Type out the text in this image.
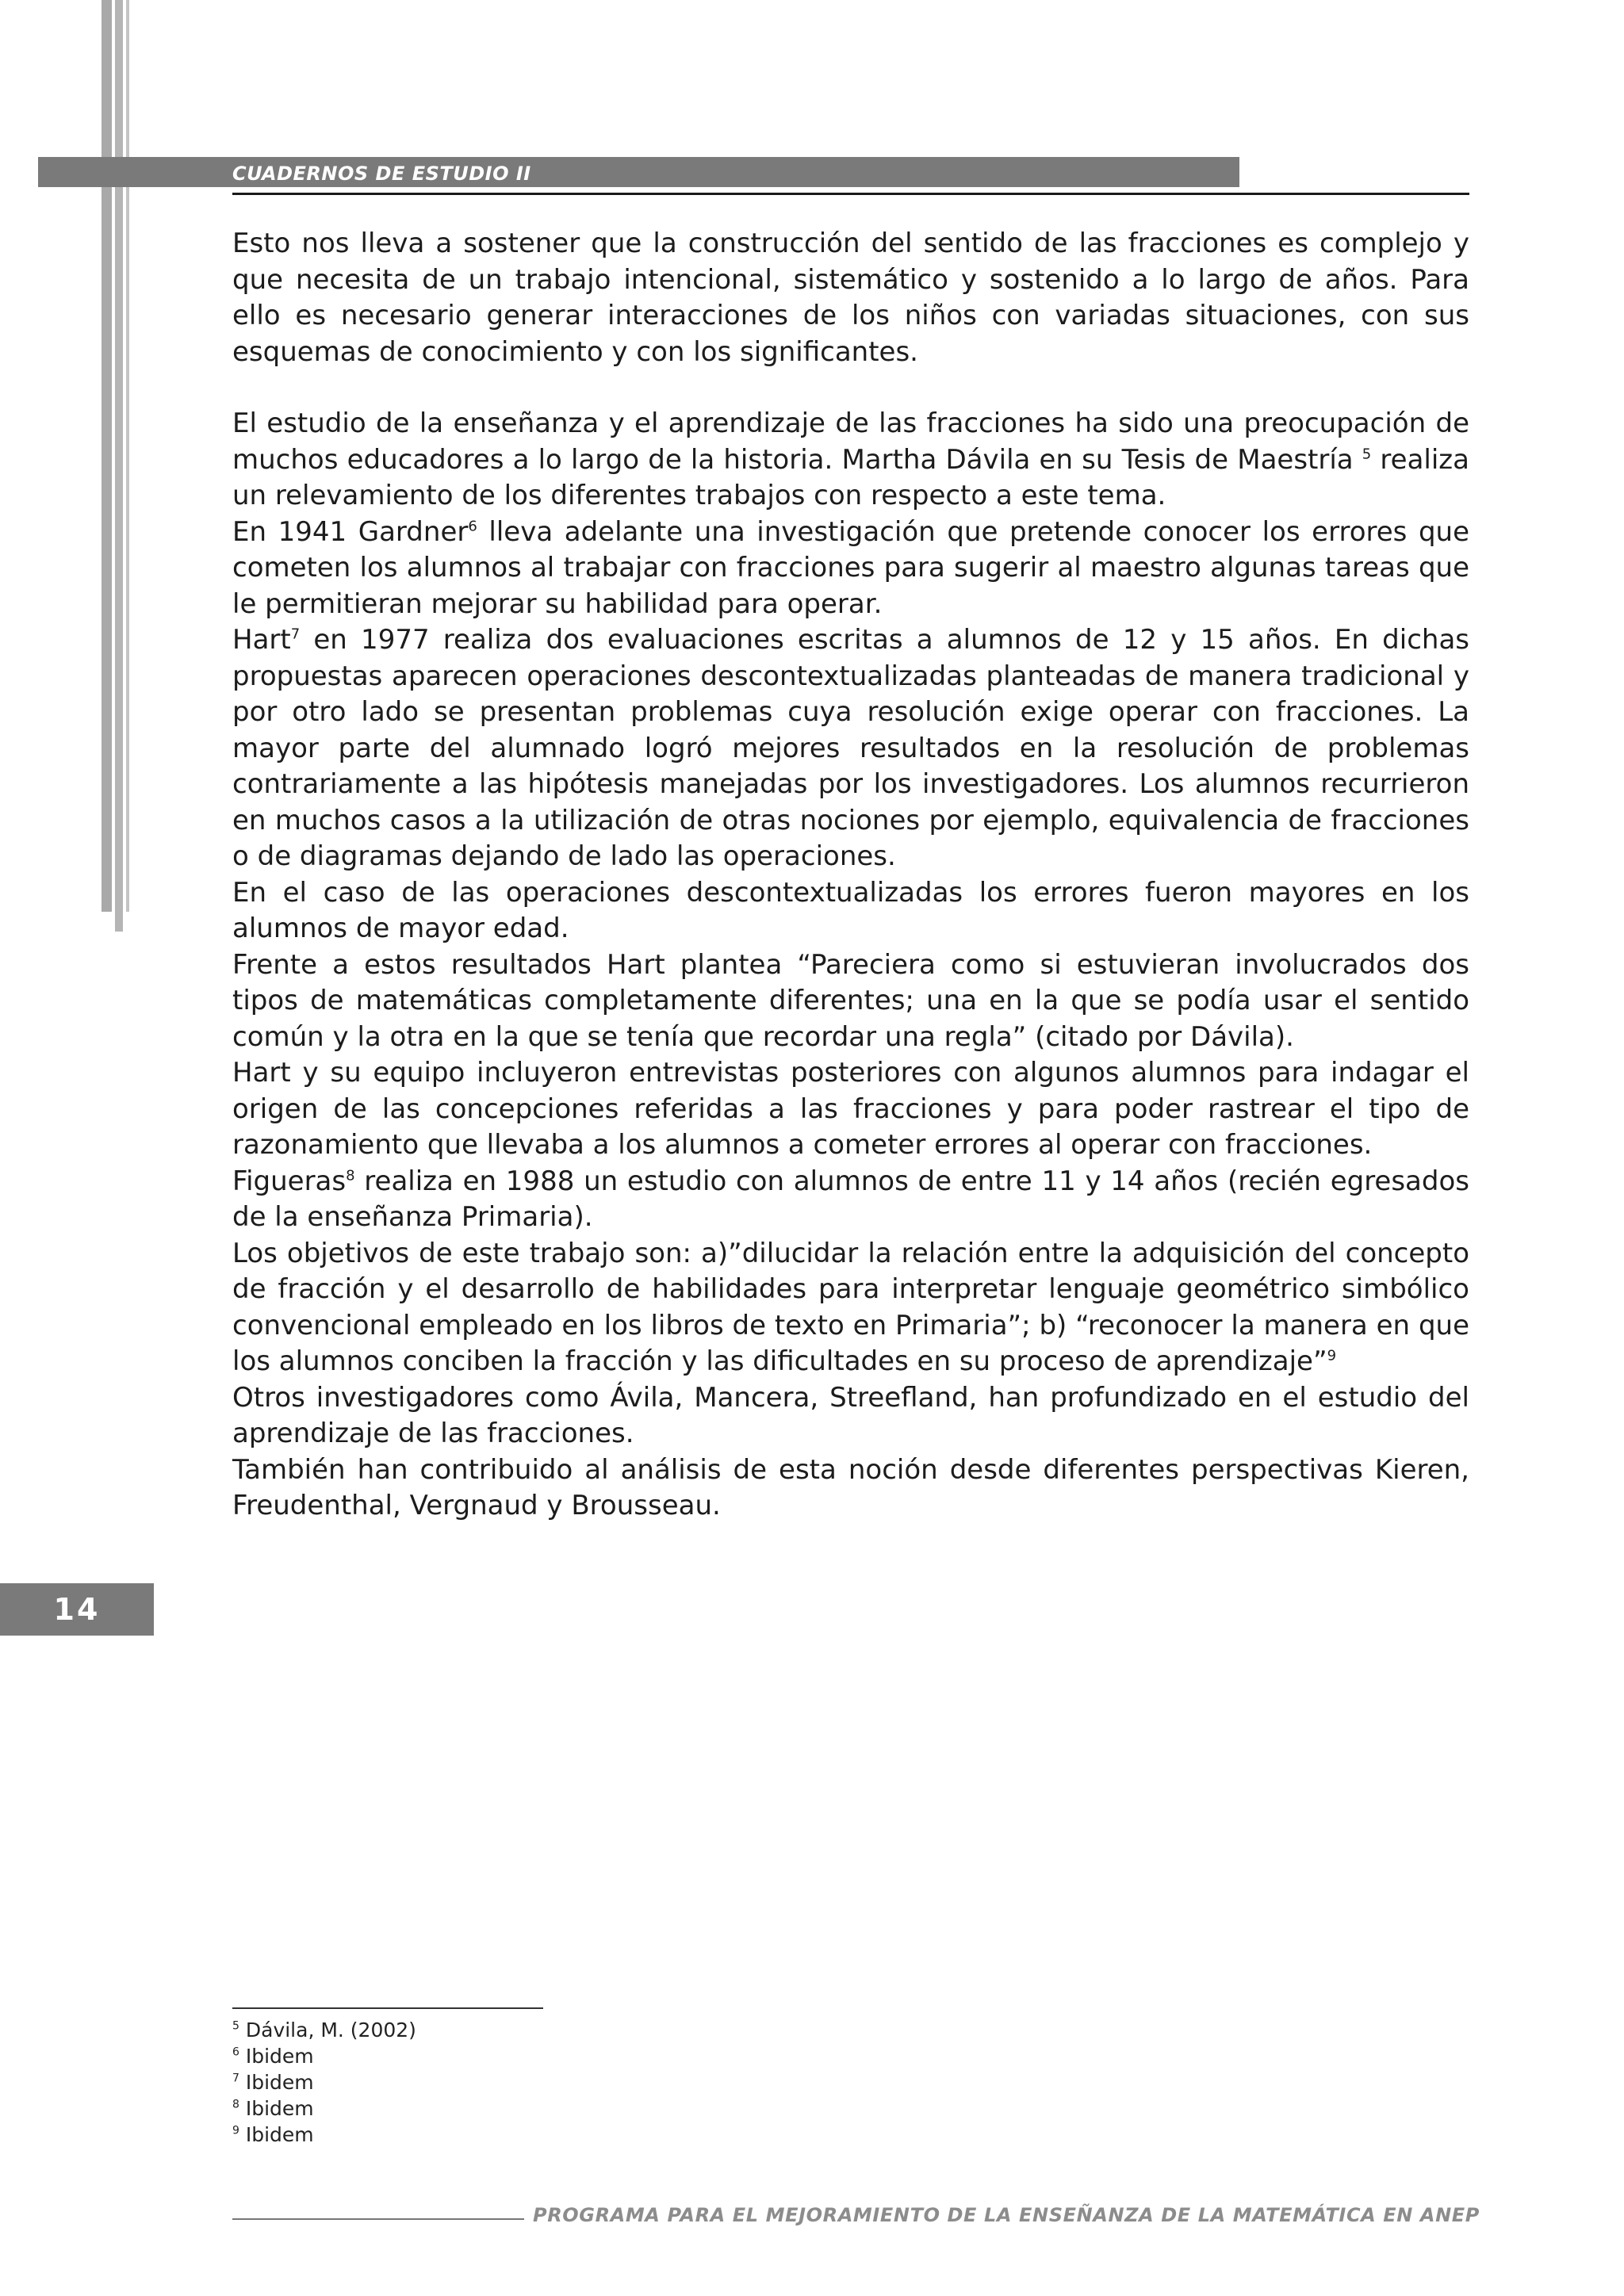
CUADERNOS DE ESTUDIO II

Esto nos lleva a sostener que la construcción del sentido de las fracciones es complejo y que necesita de un trabajo intencional, sistemático y sostenido a lo largo de años. Para ello es necesario generar interacciones de los niños con variadas situaciones, con sus esquemas de conocimiento y con los significantes.

El estudio de la enseñanza y el aprendizaje de las fracciones ha sido una preocupación de muchos educadores a lo largo de la historia. Martha Dávila en su Tesis de Maestría $^5$ realiza un relevamiento de los diferentes trabajos con respecto a este tema.

En 1941 Gardner$^6$ lleva adelante una investigación que pretende conocer los errores que cometen los alumnos al trabajar con fracciones para sugerir al maestro algunas tareas que le permitieran mejorar su habilidad para operar.

Hart$^7$ en 1977 realiza dos evaluaciones escritas a alumnos de 12 y 15 años. En dichas propuestas aparecen operaciones descontextualizadas planteadas de manera tradicional y por otro lado se presentan problemas cuya resolución exige operar con fracciones. La mayor parte del alumnado logró mejores resultados en la resolución de problemas contrariamente a las hipótesis manejadas por los investigadores. Los alumnos recurrieron en muchos casos a la utilización de otras nociones por ejemplo, equivalencia de fracciones o de diagramas dejando de lado las operaciones.

En el caso de las operaciones descontextualizadas los errores fueron mayores en los alumnos de mayor edad.

Frente a estos resultados Hart plantea “Pareciera como si estuvieran involucrados dos tipos de matemáticas completamente diferentes; una en la que se podía usar el sentido común y la otra en la que se tenía que recordar una regla” (citado por Dávila).

Hart y su equipo incluyeron entrevistas posteriores con algunos alumnos para indagar el origen de las concepciones referidas a las fracciones y para poder rastrear el tipo de razonamiento que llevaba a los alumnos a cometer errores al operar con fracciones.

Figueras$^8$ realiza en 1988 un estudio con alumnos de entre 11 y 14 años (recién egresados de la enseñanza Primaria).

Los objetivos de este trabajo son: a)”dilucidar la relación entre la adquisición del concepto de fracción y el desarrollo de habilidades para interpretar lenguaje geométrico simbólico convencional empleado en los libros de texto en Primaria”; b) “reconocer la manera en que los alumnos conciben la fracción y las dificultades en su proceso de aprendizaje”$^9$

Otros investigadores como Ávila, Mancera, Streefland, han profundizado en el estudio del aprendizaje de las fracciones.

También han contribuido al análisis de esta noción desde diferentes perspectivas Kieren, Freudenthal, Vergnaud y Brousseau.

14
$^5$ Dávila, M. (2002)
$^6$ Ibidem
$^7$ Ibidem
$^8$ Ibidem
$^9$ Ibidem
PROGRAMA PARA EL MEJORAMIENTO DE LA ENSEÑANZA DE LA MATEMÁTICA EN ANEP
